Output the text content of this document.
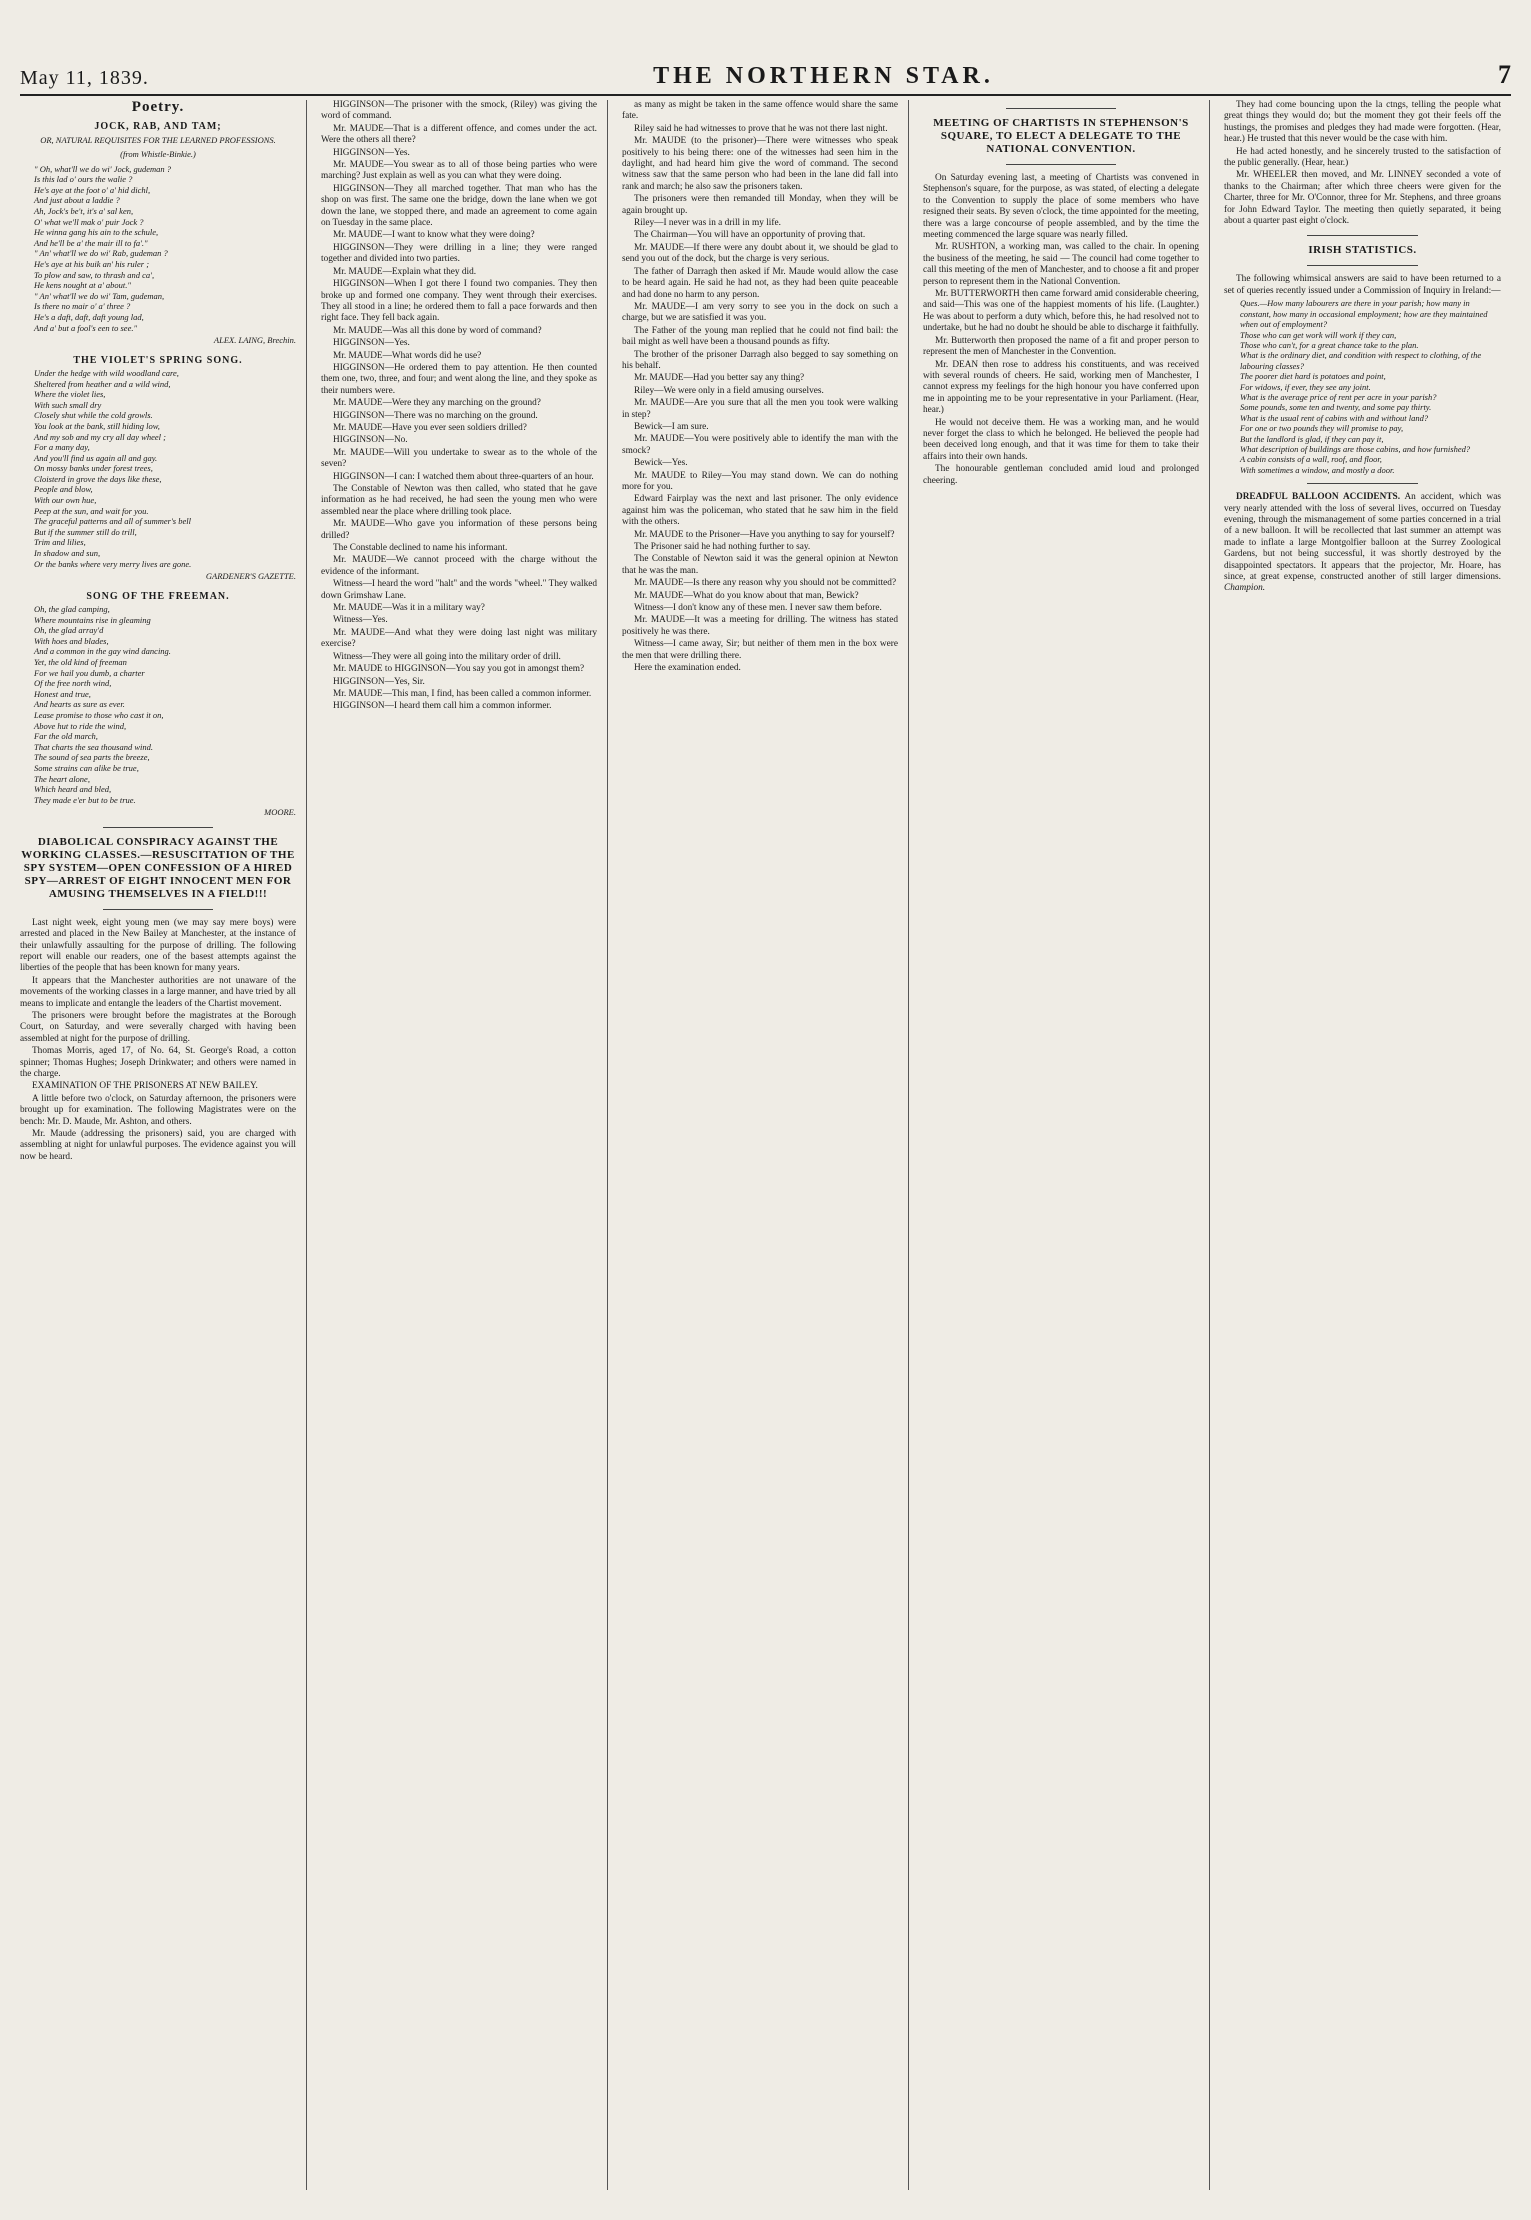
May 11, 1839.	THE NORTHERN STAR.	7
Poetry.
JOCK, RAB, AND TAM;
OR, NATURAL REQUISITES FOR THE LEARNED PROFESSIONS.
(from Whistle-Binkie.)
" Oh, what'll we do wi' Jock, gudeman ?
Is this lad o' ours the walie ?
He's aye at the foot o' a' hid dichl,
And just about a laddie ?
Ah, Jock's be't, it's a' sal ken,
O' what we'll mak o' puir Jock ?
He winna gang his ain to the schule,
And he'll be a' the mair ill to fa'."
" An' what'll we do wi' Rab, gudeman ?
He's aye at his buik an' his ruler ;
To plow and saw, to thrash and ca',
He kens nought at a' about."
" An' what'll we do wi' Tam, gudeman,
Is there no mair o' a' three ?
He's a daft, daft, daft young lad,
And a' but a fool's een to see."
ALEX. LAING, Brechin.
THE VIOLET'S SPRING SONG.
Under the hedge with wild woodland care,
Sheltered from heather and a wild wind,
Where the violet lies,
With such small dry
Closely shut while the cold growls.
You look at the bank, still hiding low,
And my sob and my cry all day wheel ;
For a many day,
And you'll find us again all and gay.
On mossy banks under forest trees,
Cloisterd in grove the days like these,
People and blow,
With our own hue,
Peep at the sun, and wait for you.
The graceful patterns and all of summer's bell
But if the summer still do trill,
Trim and lilies,
In shadow and sun,
Or the banks where very merry lives are gone.
GARDENER'S GAZETTE.
SONG OF THE FREEMAN.
Oh, the glad camping,
Where mountains rise in gleaming
Oh, the glad array'd
With hoes and blades,
And a common in the gay wind dancing.
Yet, the old kind of freeman
For we hail you dumb, a charter
Of the free north wind,
Honest and true,
And hearts as sure as ever.
Lease promise to those who cast it on,
Above hut to ride the wind,
Far the old march,
That charts the sea thousand wind.
The sound of sea parts the breeze,
Some strains can alike be true,
The heart alone,
Which heard and bled,
They made e'er but to be true.
MOORE.
DIABOLICAL CONSPIRACY AGAINST THE WORKING CLASSES.—RESUSCITATION OF THE SPY SYSTEM—OPEN CONFESSION OF A HIRED SPY—ARREST OF EIGHT INNOCENT MEN FOR AMUSING THEMSELVES IN A FIELD!!!
Last night week, eight young men (we may say mere boys) were arrested and placed in the New Bailey at Manchester, at the instance of their unlawfully assaulting for the purpose of drilling. The following report will enable our readers, one of the basest attempts against the liberties of the people that has been known for many years.
It appears that the Manchester authorities are not unaware of the movements of the working classes in a large manner, and have tried by all means to implicate and entangle the leaders of the Chartist movement.
The prisoners were brought before the magistrates at the Borough Court, on Saturday, and were severally charged with having been assembled at night for the purpose of drilling.
Thomas Morris, aged 17, of No. 64, St. George's Road, a cotton spinner; Thomas Hughes; Joseph Drinkwater; and others were named in the charge.
EXAMINATION OF THE PRISONERS AT NEW BAILEY.
A little before two o'clock, on Saturday afternoon, the prisoners were brought up for examination. The following Magistrates were on the bench: Mr. D. Maude, Mr. Ashton, and others.
Mr. Maude (addressing the prisoners) said, you are charged with assembling at night for unlawful purposes. The evidence against you will now be heard.
HIGGINSON—The prisoner with the smock, (Riley) was giving the word of command.
Mr. MAUDE—That is a different offence, and comes under the act. Were the others all there?
HIGGINSON—Yes.
Mr. MAUDE—You swear as to all of those being parties who were marching? Just explain as well as you can what they were doing.
HIGGINSON—They all marched together. That man who has the shop on was first. The same one the bridge, down the lane when we got down the lane, we stopped there, and made an agreement to come again on Tuesday in the same place.
Mr. MAUDE—I want to know what they were doing?
HIGGINSON—They were drilling in a line; they were ranged together and divided into two parties.
Mr. MAUDE—Explain what they did.
HIGGINSON—When I got there I found two companies. They then broke up and formed one company. They went through their exercises. They all stood in a line; he ordered them to fall a pace forwards and then right face. They fell back again.
Mr. MAUDE—Was all this done by word of command?
HIGGINSON—Yes.
Mr. MAUDE—What words did he use?
HIGGINSON—He ordered them to pay attention. He then counted them one, two, three, and four; and went along the line, and they spoke as their numbers were.
Mr. MAUDE—Were they any marching on the ground?
HIGGINSON—There was no marching on the ground.
Mr. MAUDE—Have you ever seen soldiers drilled?
HIGGINSON—No.
Mr. MAUDE—Will you undertake to swear as to the whole of the seven?
HIGGINSON—I can: I watched them about three-quarters of an hour.
The Constable of Newton was then called, who stated that he gave information as he had received, he had seen the young men who were assembled near the place where drilling took place.
Mr. MAUDE—Who gave you information of these persons being drilled?
The Constable declined to name his informant.
Mr. MAUDE—We cannot proceed with the charge without the evidence of the informant.
Witness—I heard the word "halt" and the words "wheel." They walked down Grimshaw Lane.
Mr. MAUDE—Was it in a military way?
Witness—Yes.
Mr. MAUDE—And what they were doing last night was military exercise?
Witness—They were all going into the military order of drill.
Mr. MAUDE to HIGGINSON—You say you got in amongst them?
HIGGINSON—Yes, Sir.
Mr. MAUDE—This man, I find, has been called a common informer.
HIGGINSON—I heard them call him a common informer.
as many as might be taken in the same offence would share the same fate.
Riley said he had witnesses to prove that he was not there last night.
Mr. MAUDE (to the prisoner)—There were witnesses who speak positively to his being there: one of the witnesses had seen him in the daylight, and had heard him give the word of command. The second witness saw that the same person who had been in the lane did fall into rank and march; he also saw the prisoners taken.
The prisoners were then remanded till Monday, when they will be again brought up.
Riley—I never was in a drill in my life.
The Chairman—You will have an opportunity of proving that.
Mr. MAUDE—If there were any doubt about it, we should be glad to send you out of the dock, but the charge is very serious.
The father of Darragh then asked if Mr. Maude would allow the case to be heard again. He said he had not, as they had been quite peaceable and had done no harm to any person.
Mr. MAUDE—I am very sorry to see you in the dock on such a charge, but we are satisfied it was you.
The Father of the young man replied that he could not find bail: the bail might as well have been a thousand pounds as fifty.
The brother of the prisoner Darragh also begged to say something on his behalf.
Mr. MAUDE—Had you better say any thing?
Riley—We were only in a field amusing ourselves.
Mr. MAUDE—Are you sure that all the men you took were walking in step?
Bewick—I am sure.
Mr. MAUDE—You were positively able to identify the man with the smock?
Bewick—Yes.
Mr. MAUDE to Riley—You may stand down. We can do nothing more for you.
Edward Fairplay was the next and last prisoner. The only evidence against him was the policeman, who stated that he saw him in the field with the others.
Mr. MAUDE to the Prisoner—Have you anything to say for yourself?
The Prisoner said he had nothing further to say.
The Constable of Newton said it was the general opinion at Newton that he was the man.
Mr. MAUDE—Is there any reason why you should not be committed?
Mr. MAUDE—What do you know about that man, Bewick?
Witness—I don't know any of these men. I never saw them before.
Mr. MAUDE—It was a meeting for drilling. The witness has stated positively he was there.
Witness—I came away, Sir; but neither of them men in the box were the men that were drilling there.
Here the examination ended.
MEETING OF CHARTISTS IN STEPHENSON'S SQUARE, TO ELECT A DELEGATE TO THE NATIONAL CONVENTION.
On Saturday evening last, a meeting of Chartists was convened in Stephenson's square, for the purpose, as was stated, of electing a delegate to the Convention to supply the place of some members who have resigned their seats. By seven o'clock, the time appointed for the meeting, there was a large concourse of people assembled, and by the time the meeting commenced the large square was nearly filled.
Mr. RUSHTON, a working man, was called to the chair. In opening the business of the meeting, he said — The council had come together to call this meeting of the men of Manchester, and to choose a fit and proper person to represent them in the National Convention.
Mr. BUTTERWORTH then came forward amid considerable cheering, and said—This was one of the happiest moments of his life. (Laughter.) He was about to perform a duty which, before this, he had resolved not to undertake, but he had no doubt he should be able to discharge it faithfully.
Mr. Butterworth then proposed the name of a fit and proper person to represent the men of Manchester in the Convention.
Mr. DEAN then rose to address his constituents, and was received with several rounds of cheers. He said, working men of Manchester, I cannot express my feelings for the high honour you have conferred upon me in appointing me to be your representative in your Parliament. (Hear, hear.)
He would not deceive them. He was a working man, and he would never forget the class to which he belonged. He believed the people had been deceived long enough, and that it was time for them to take their affairs into their own hands.
The honourable gentleman concluded amid loud and prolonged cheering.
They had come bouncing upon the la ctngs, telling the people what great things they would do; but the moment they got their feels off the hustings, the promises and pledges they had made were forgotten. (Hear, hear.) He trusted that this never would be the case with him.
He had acted honestly, and he sincerely trusted to the satisfaction of the public generally. (Hear, hear.)
Mr. WHEELER then moved, and Mr. LINNEY seconded a vote of thanks to the Chairman; after which three cheers were given for the Charter, three for Mr. O'Connor, three for Mr. Stephens, and three groans for John Edward Taylor. The meeting then quietly separated, it being about a quarter past eight o'clock.
IRISH STATISTICS.

The following whimsical answers are said to have been returned to a set of queries recently issued under a Commission of Inquiry in Ireland:—

Ques.—How many labourers are there in your parish; how many in constant, how many in occasional employment; how are they maintained when out of employment?
Those who can get work will work if they can,
Those who can't, for a great chance take to the plan.
What is the ordinary diet, and condition with respect to clothing, of the labouring classes?
The poorer diet hard is potatoes and point,
For widows, if ever, they see any joint.
What is the average price of rent per acre in your parish?
Some pounds, some ten and twenty, and some pay thirty.
What is the usual rent of cabins with and without land?
For one or two pounds they will promise to pay,
But the landlord is glad, if they can pay it,
What description of buildings are those cabins, and how furnished?
A cabin consists of a wall, roof, and floor,
With sometimes a window, and mostly a door.

DREADFUL BALLOON ACCIDENTS. An accident, which was very nearly attended with the loss of several lives, occurred on Tuesday evening, through the mismanagement of some parties concerned in a trial of a new balloon. It will be recollected that last summer an attempt was made to inflate a large Montgolfier balloon at the Surrey Zoological Gardens, but not being successful, it was shortly destroyed by the disappointed spectators. It appears that the projector, Mr. Hoare, has since, at great expense, constructed another of still larger dimensions. Champion.
